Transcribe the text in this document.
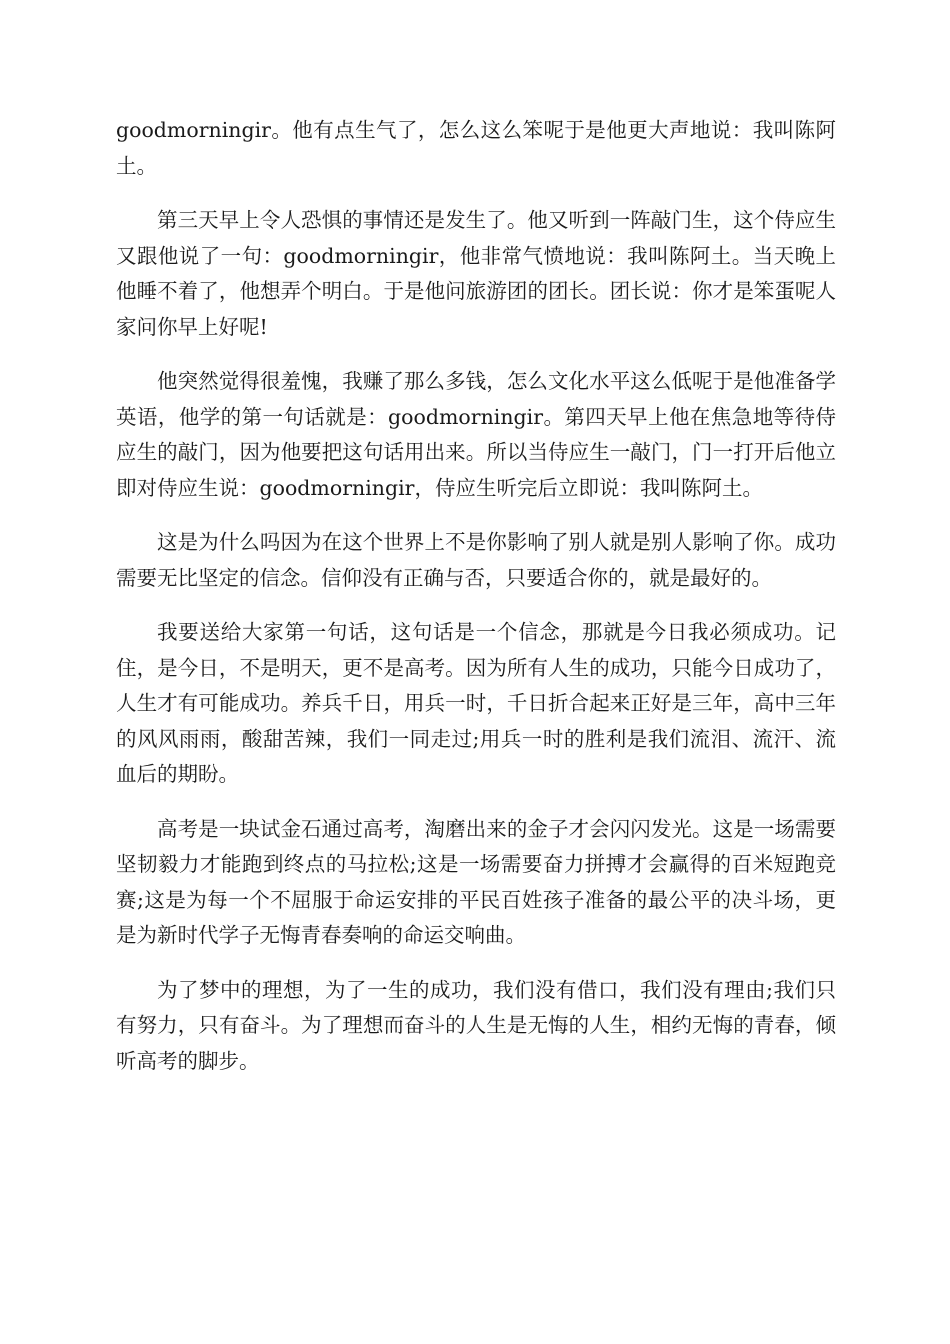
goodmorningir。他有点生气了，怎么这么笨呢于是他更大声地说：我叫陈阿土。

第三天早上令人恐惧的事情还是发生了。他又听到一阵敲门生，这个侍应生又跟他说了一句：goodmorningir，他非常气愤地说：我叫陈阿土。当天晚上他睡不着了，他想弄个明白。于是他问旅游团的团长。团长说：你才是笨蛋呢人家问你早上好呢!

他突然觉得很羞愧，我赚了那么多钱，怎么文化水平这么低呢于是他准备学英语，他学的第一句话就是：goodmorningir。第四天早上他在焦急地等待侍应生的敲门，因为他要把这句话用出来。所以当侍应生一敲门，门一打开后他立即对侍应生说：goodmorningir，侍应生听完后立即说：我叫陈阿土。

这是为什么吗因为在这个世界上不是你影响了别人就是别人影响了你。成功需要无比坚定的信念。信仰没有正确与否，只要适合你的，就是最好的。

我要送给大家第一句话，这句话是一个信念，那就是今日我必须成功。记住，是今日，不是明天，更不是高考。因为所有人生的成功，只能今日成功了，人生才有可能成功。养兵千日，用兵一时，千日折合起来正好是三年，高中三年的风风雨雨，酸甜苦辣，我们一同走过;用兵一时的胜利是我们流泪、流汗、流血后的期盼。

高考是一块试金石通过高考，淘磨出来的金子才会闪闪发光。这是一场需要坚韧毅力才能跑到终点的马拉松;这是一场需要奋力拼搏才会赢得的百米短跑竞赛;这是为每一个不屈服于命运安排的平民百姓孩子准备的最公平的决斗场，更是为新时代学子无悔青春奏响的命运交响曲。

为了梦中的理想，为了一生的成功，我们没有借口，我们没有理由;我们只有努力，只有奋斗。为了理想而奋斗的人生是无悔的人生，相约无悔的青春，倾听高考的脚步。
